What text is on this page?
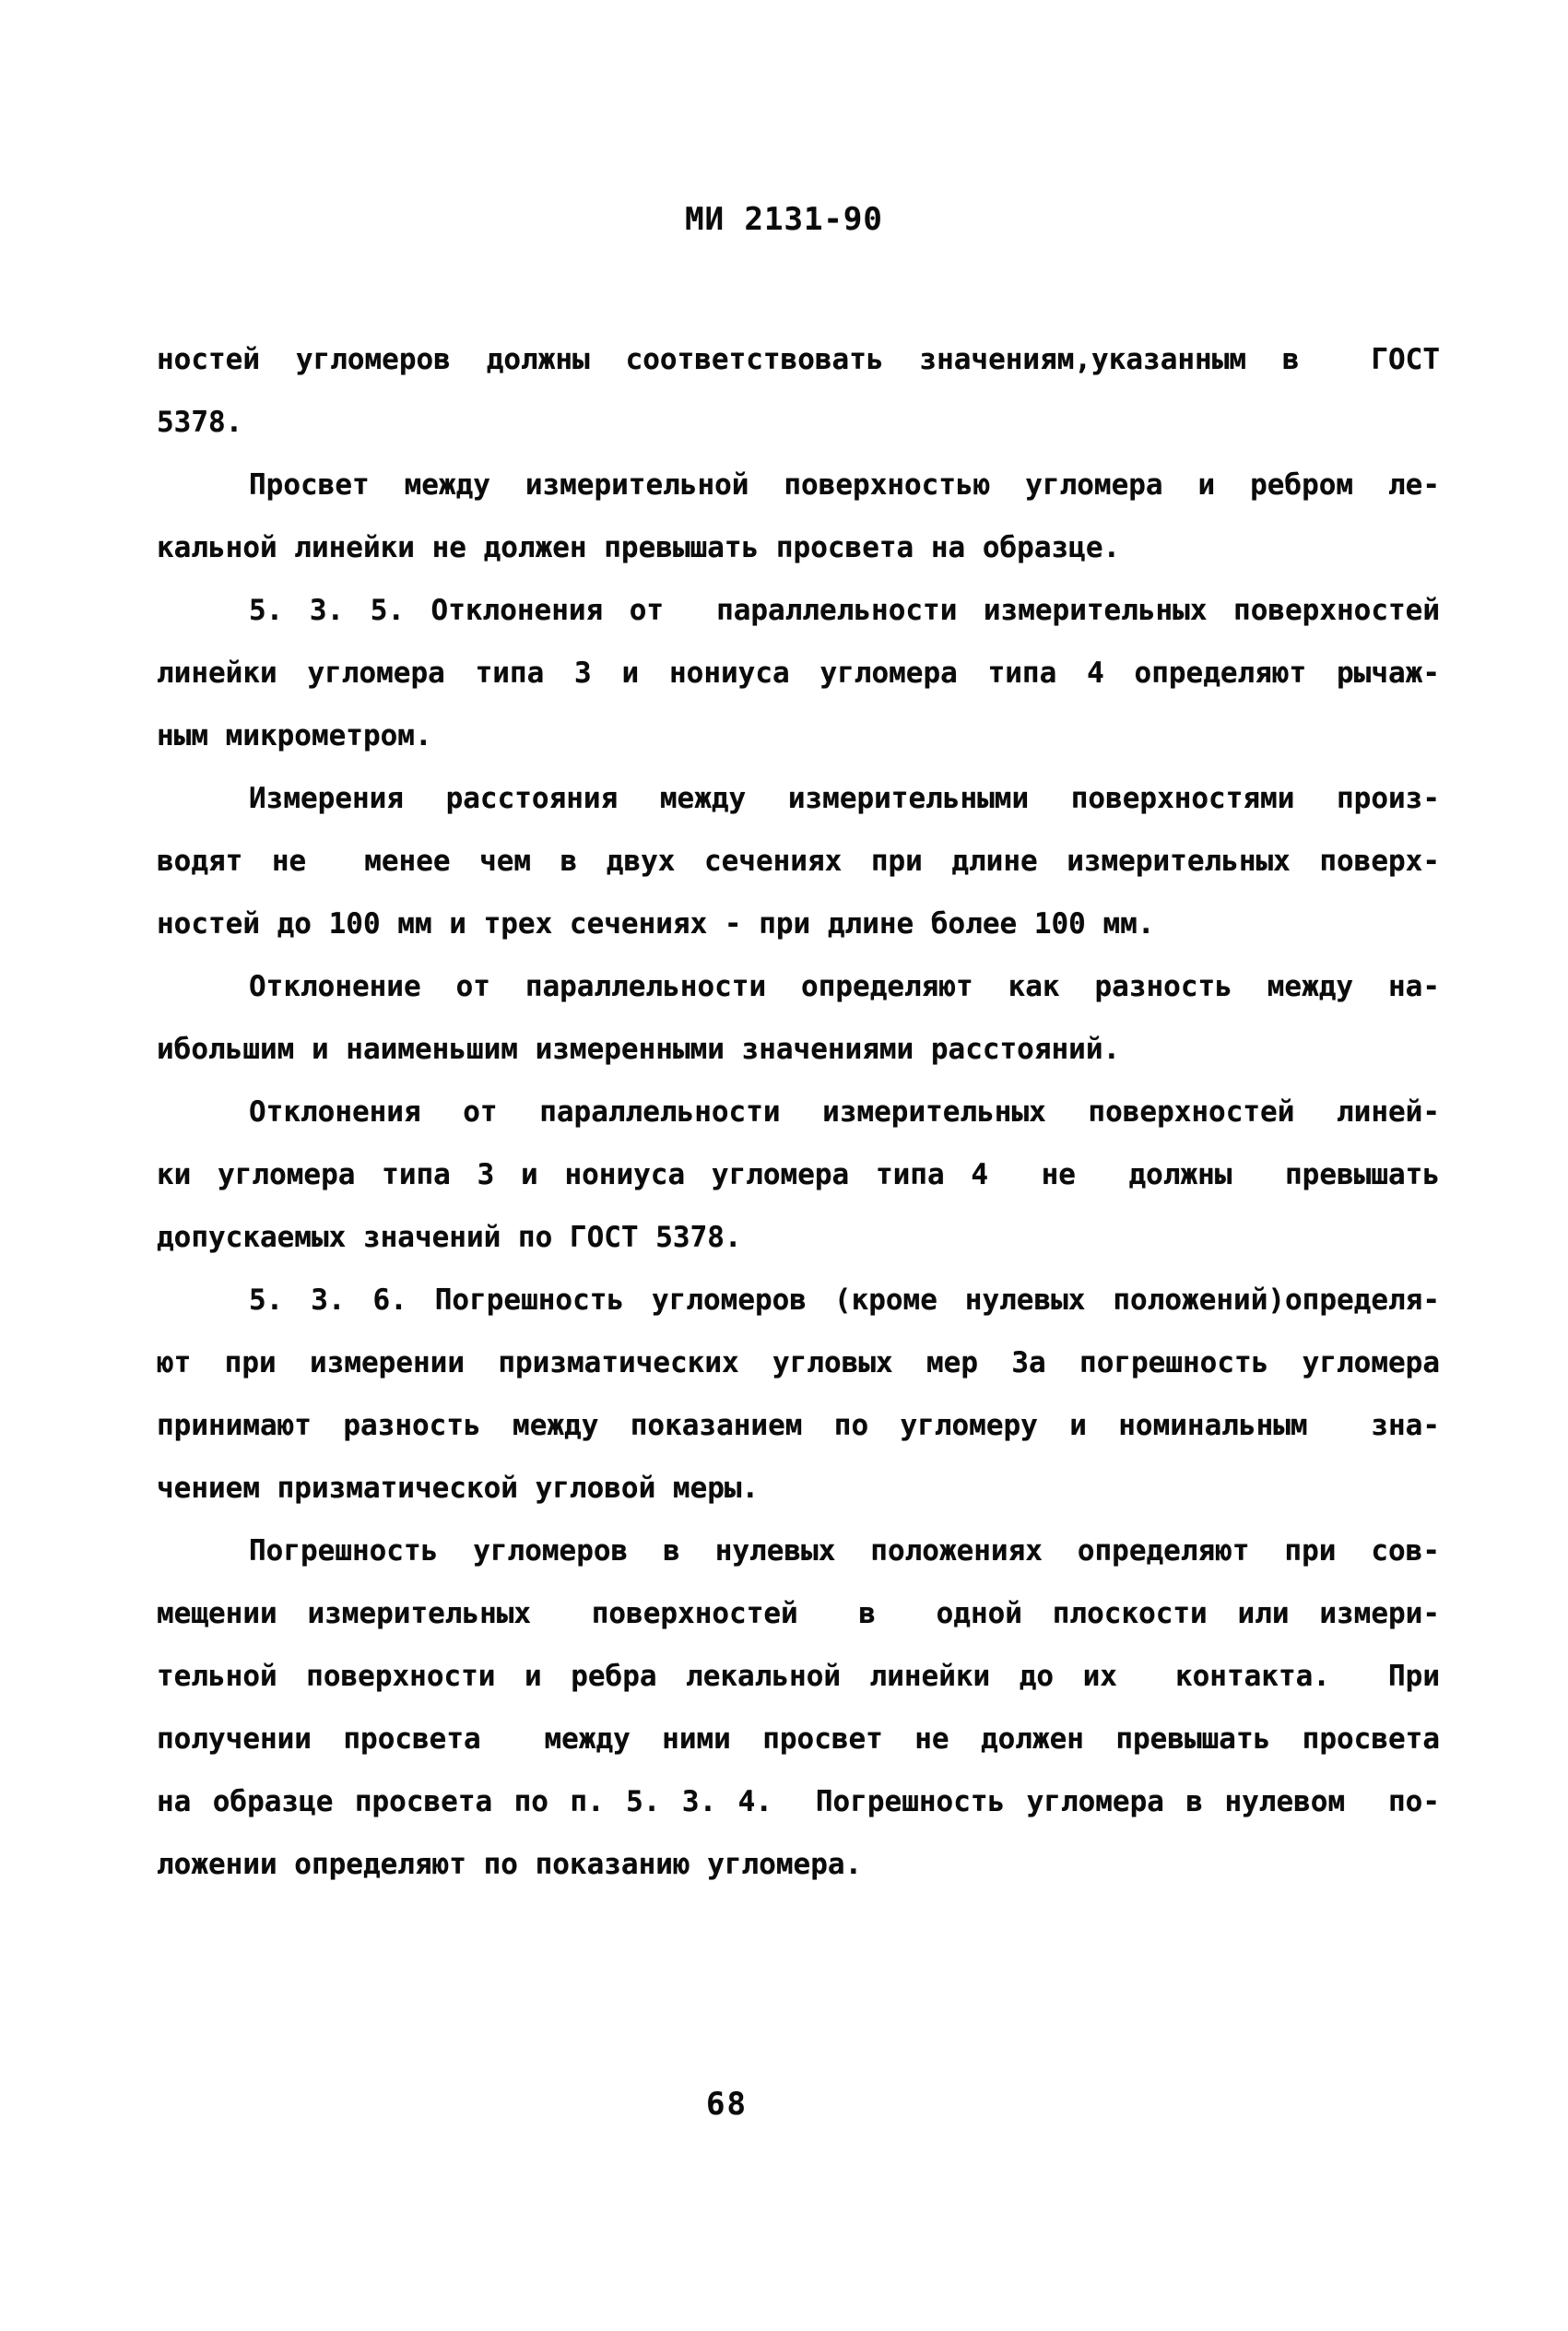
МИ 2131-90
ностей угломеров должны соответствовать значениям,указанным в  ГОСТ
5378.
Просвет между измерительной поверхностью угломера и ребром ле-
кальной линейки не должен превышать просвета на образце.
5. 3. 5. Отклонения от  параллельности измерительных поверхностей
линейки угломера типа 3 и нониуса угломера типа 4 определяют рычаж-
ным микрометром.
Измерения расстояния между измерительными поверхностями произ-
водят не  менее чем в двух сечениях при длине измерительных поверх-
ностей до 100 мм и трех сечениях - при длине более 100 мм.
Отклонение от параллельности определяют как разность между на-
ибольшим и наименьшим измеренными значениями расстояний.
Отклонения от параллельности измерительных поверхностей линей-
ки угломера типа 3 и нониуса угломера типа 4  не  должны  превышать
допускаемых значений по ГОСТ 5378.
5. 3. 6. Погрешность угломеров (кроме нулевых положений)определя-
ют при измерении призматических угловых мер За погрешность угломера
принимают разность между показанием по угломеру и номинальным  зна-
чением призматической угловой меры.
Погрешность угломеров в нулевых положениях определяют при сов-
мещении измерительных  поверхностей  в  одной плоскости или измери-
тельной поверхности и ребра лекальной линейки до их  контакта.  При
получении просвета  между ними просвет не должен превышать просвета
на образце просвета по п. 5. 3. 4.  Погрешность угломера в нулевом  по-
ложении определяют по показанию угломера.
68
